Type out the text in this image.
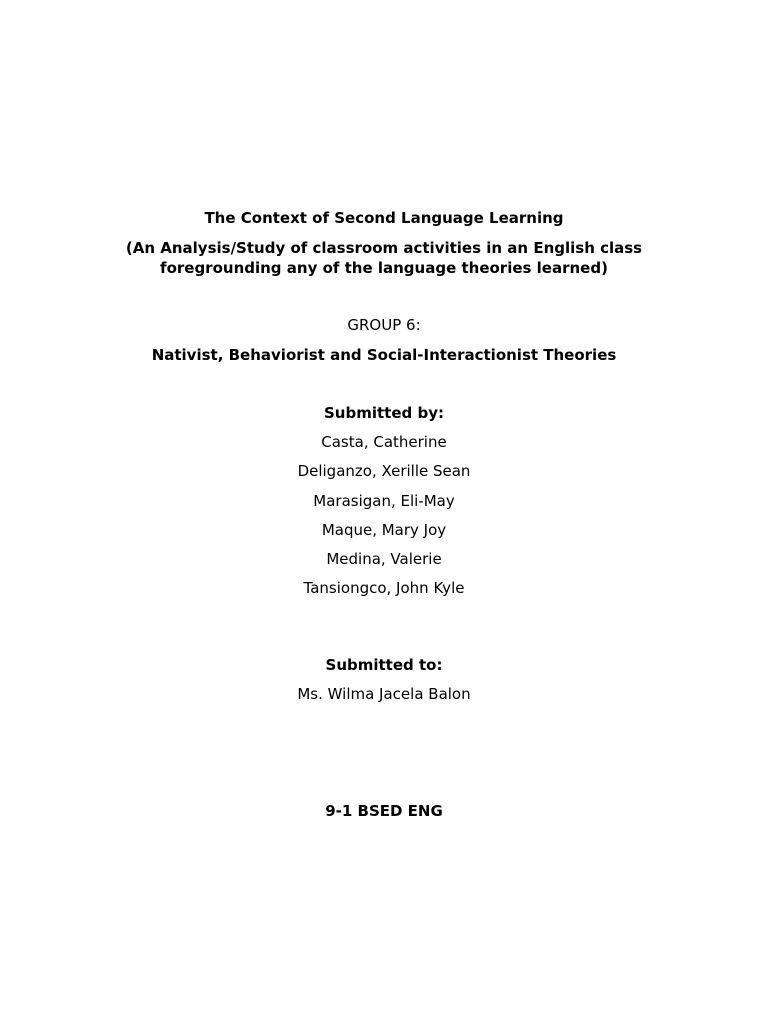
The Context of Second Language Learning
(An Analysis/Study of classroom activities in an English class
foregrounding any of the language theories learned)
GROUP 6:
Nativist, Behaviorist and Social-Interactionist Theories
Submitted by:
Casta, Catherine
Deliganzo, Xerille Sean
Marasigan, Eli-May
Maque, Mary Joy
Medina, Valerie
Tansiongco, John Kyle
Submitted to:
Ms. Wilma Jacela Balon
9-1 BSED ENG
